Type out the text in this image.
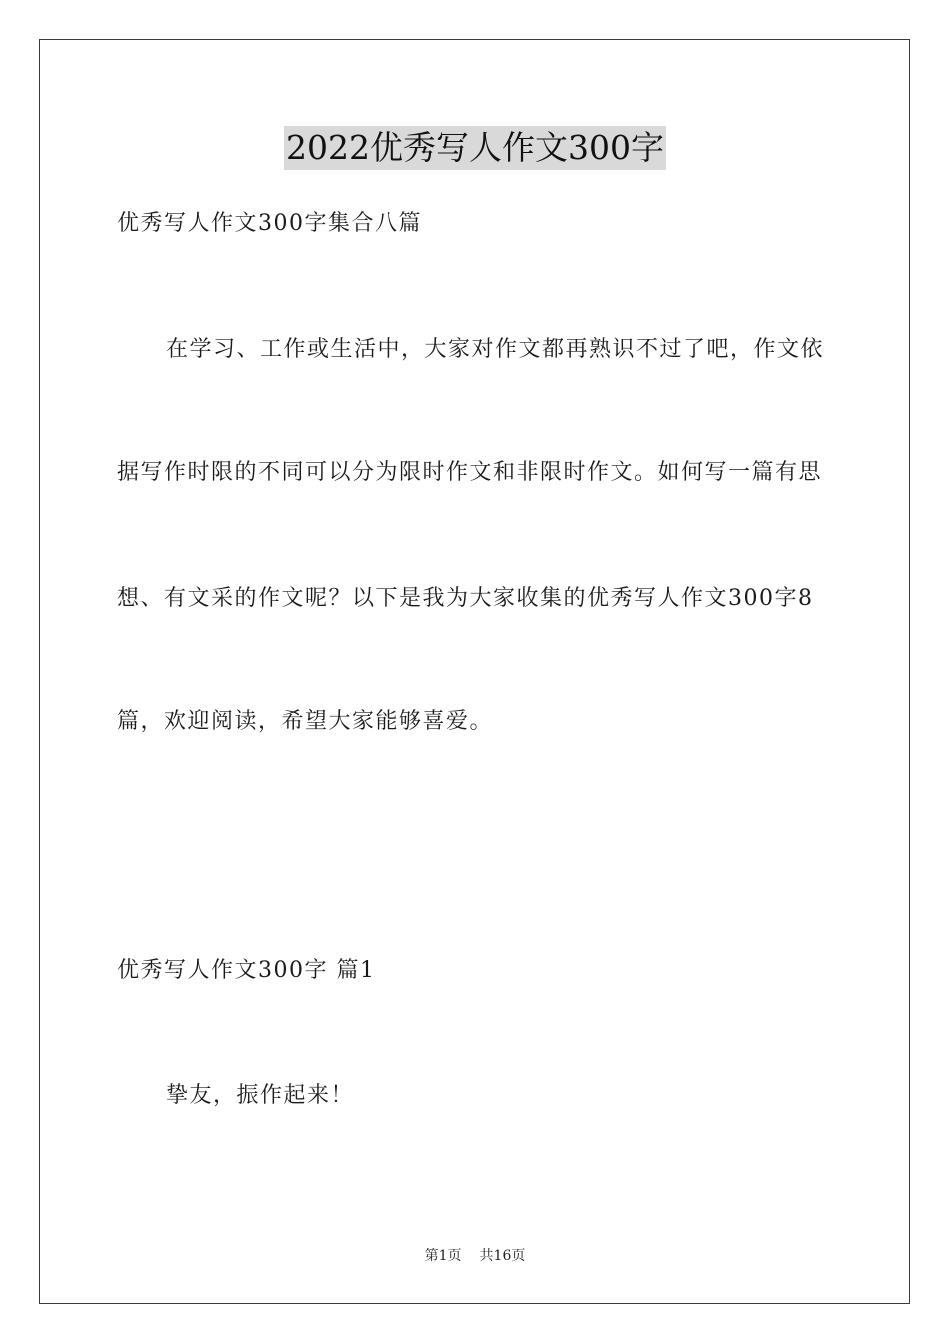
2022优秀写人作文300字
优秀写人作文300字集合八篇
在学习、工作或生活中，大家对作文都再熟识不过了吧，作文依
据写作时限的不同可以分为限时作文和非限时作文。如何写一篇有思
想、有文采的作文呢？以下是我为大家收集的优秀写人作文300字8
篇，欢迎阅读，希望大家能够喜爱。
优秀写人作文300字 篇1
挚友，振作起来！
第1页 共16页
